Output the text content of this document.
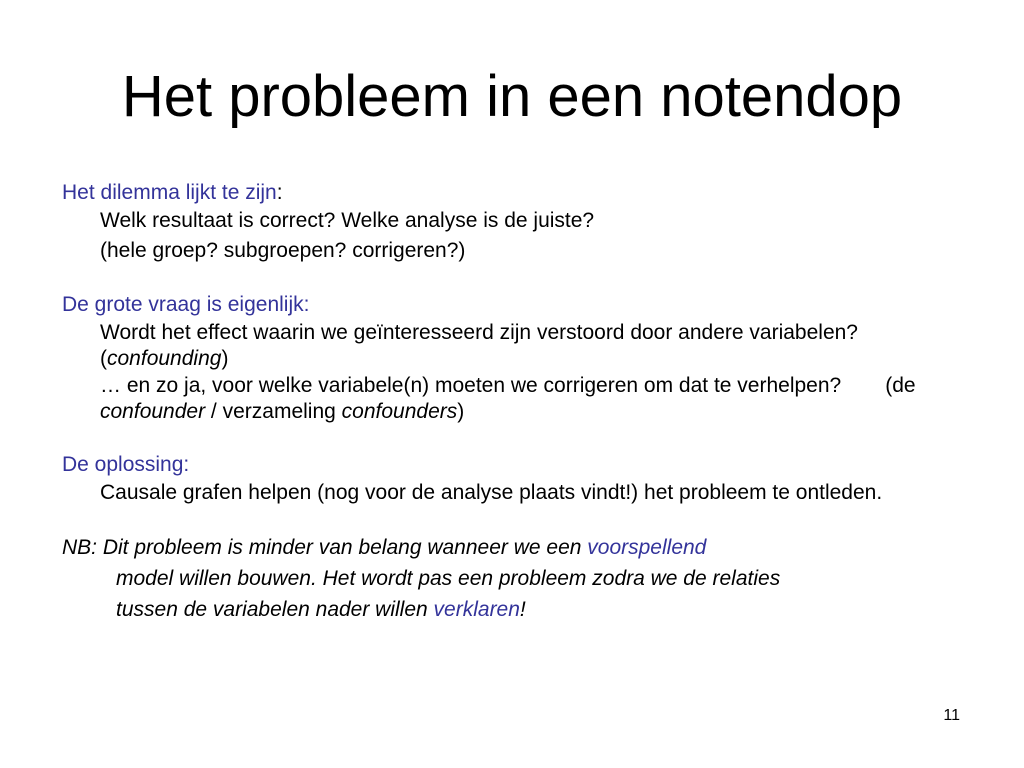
Het probleem in een notendop
Het dilemma lijkt te zijn:
Welk resultaat is correct? Welke analyse is de juiste?
(hele groep? subgroepen? corrigeren?)
De grote vraag is eigenlijk:
Wordt het effect waarin we geïnteresseerd zijn verstoord door andere variabelen?(confounding)
… en zo ja, voor welke variabele(n) moeten we corrigeren om dat te verhelpen? (de confounder / verzameling confounders)
De oplossing:
Causale grafen helpen (nog voor de analyse plaats vindt!) het probleem te ontleden.
NB: Dit probleem is minder van belang wanneer we een voorspellend
model willen bouwen. Het wordt pas een probleem zodra we de relaties
tussen de variabelen nader willen verklaren!
11
